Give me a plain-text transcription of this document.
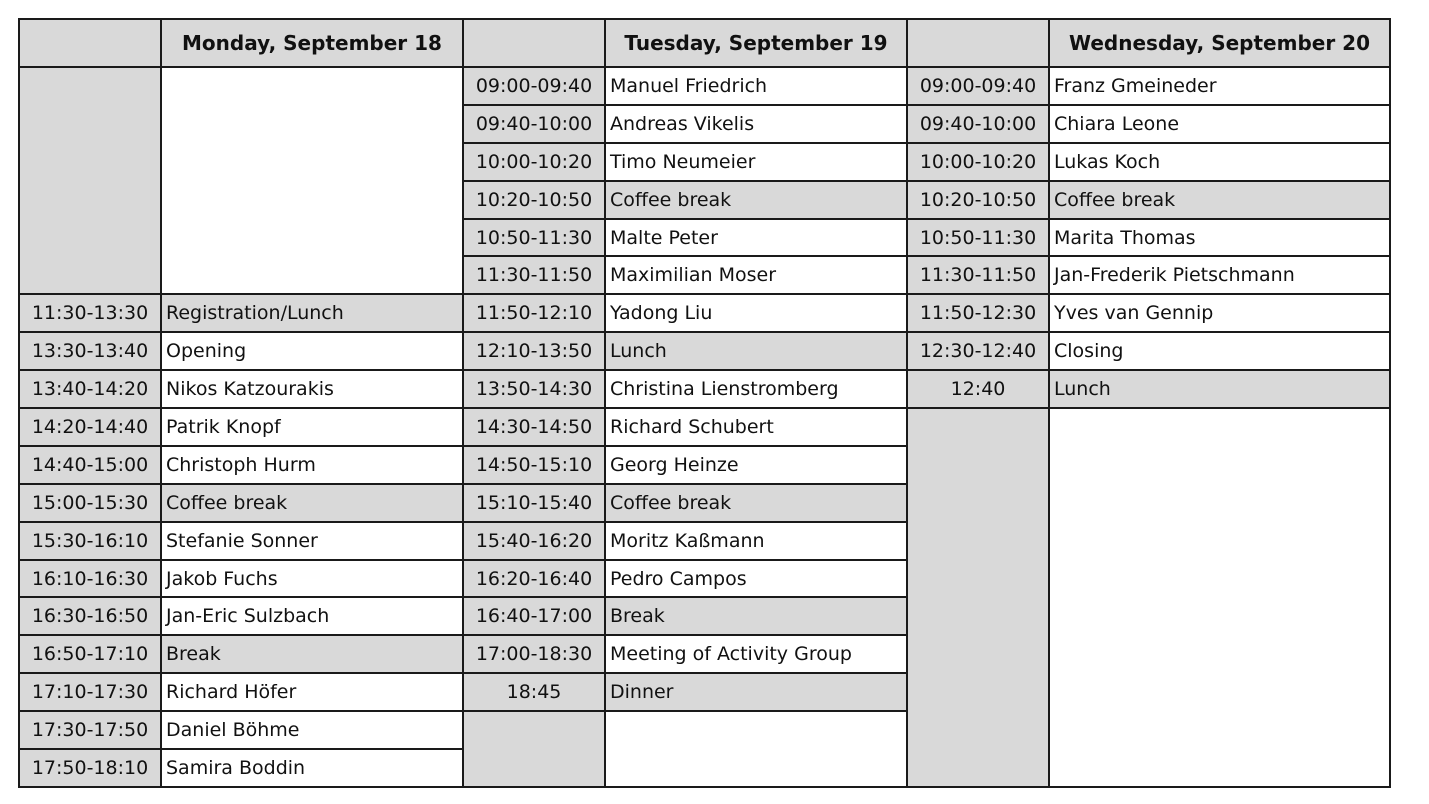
Monday, September 18
11:30-13:30 Registration/Lunch
13:30-13:40 Opening
13:40-14:20 Nikos Katzourakis
14:20-14:40 Patrik Knopf
14:40-15:00 Christoph Hurm
15:00-15:30 Coffee break
15:30-16:10 Stefanie Sonner
16:10-16:30 Jakob Fuchs
16:30-16:50 Jan-Eric Sulzbach
16:50-17:10 Break
17:10-17:30 Richard Höfer
17:30-17:50 Daniel Böhme
17:50-18:10 Samira Boddin
Tuesday, September 19
09:00-09:40 Manuel Friedrich
09:40-10:00 Andreas Vikelis
10:00-10:20 Timo Neumeier
10:20-10:50 Coffee break
10:50-11:30 Malte Peter
11:30-11:50 Maximilian Moser
11:50-12:10 Yadong Liu
12:10-13:50 Lunch
13:50-14:30 Christina Lienstromberg
14:30-14:50 Richard Schubert
14:50-15:10 Georg Heinze
15:10-15:40 Coffee break
15:40-16:20 Moritz Kaßmann
16:20-16:40 Pedro Campos
16:40-17:00 Break
17:00-18:30 Meeting of Activity Group
18:45	Dinner
Wednesday, September 20
09:00-09:40 Franz Gmeineder
09:40-10:00 Chiara Leone
10:00-10:20 Lukas Koch
10:20-10:50 Coffee break
10:50-11:30 Marita Thomas
11:30-11:50 Jan-Frederik Pietschmann
11:50-12:30 Yves van Gennip
12:30-12:40 Closing
12:40	Lunch
